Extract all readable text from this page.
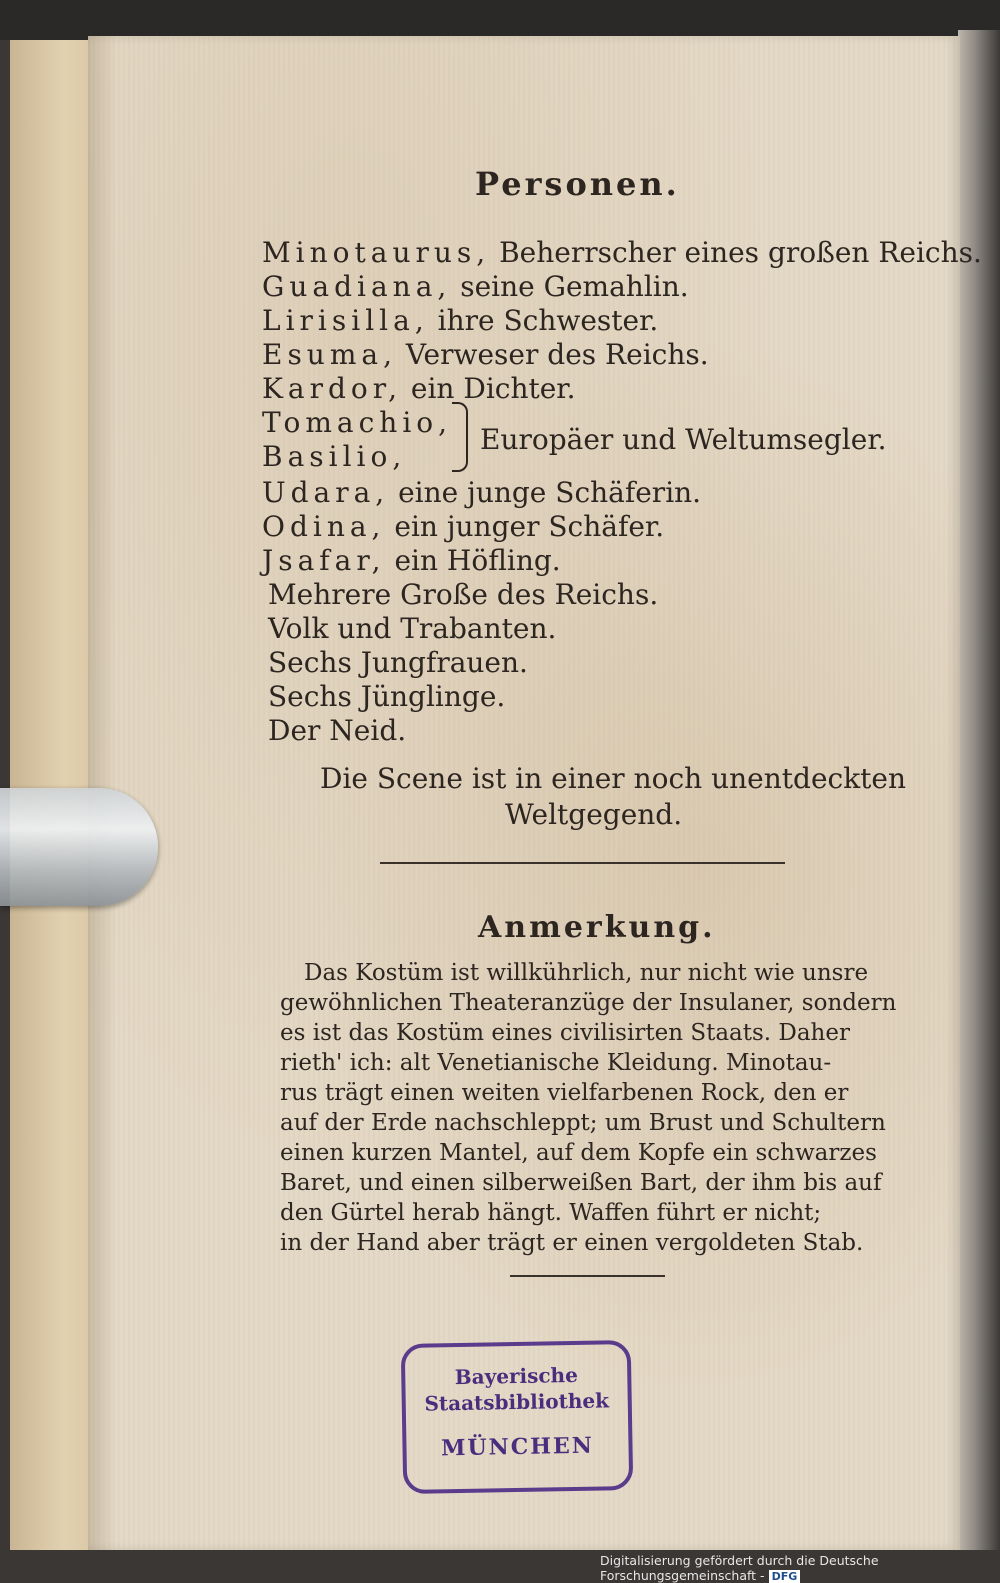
Personen.
Minotaurus, Beherrscher eines großen Reichs.
Guadiana, seine Gemahlin.
Lirisilla, ihre Schwester.
Esuma, Verweser des Reichs.
Kardor, ein Dichter.
Tomachio,
Basilio,
Europäer und Weltumsegler.
Udara, eine junge Schäferin.
Odina, ein junger Schäfer.
Jsafar, ein Höfling.
Mehrere Große des Reichs.
Volk und Trabanten.
Sechs Jungfrauen.
Sechs Jünglinge.
Der Neid.
Die Scene ist in einer noch unentdeckten
Weltgegend.
Anmerkung.
Das Kostüm ist willkührlich, nur nicht wie unsre
gewöhnlichen Theateranzüge der Insulaner, sondern
es ist das Kostüm eines civilisirten Staats. Daher
rieth' ich: alt Venetianische Kleidung. Minotau-
rus trägt einen weiten vielfarbenen Rock, den er
auf der Erde nachschleppt; um Brust und Schultern
einen kurzen Mantel, auf dem Kopfe ein schwarzes
Baret, und einen silberweißen Bart, der ihm bis auf
den Gürtel herab hängt. Waffen führt er nicht;
in der Hand aber trägt er einen vergoldeten Stab.
Bayerische
Staatsbibliothek
MÜNCHEN
Digitalisierung gefördert durch die Deutsche Forschungsgemeinschaft - DFG
